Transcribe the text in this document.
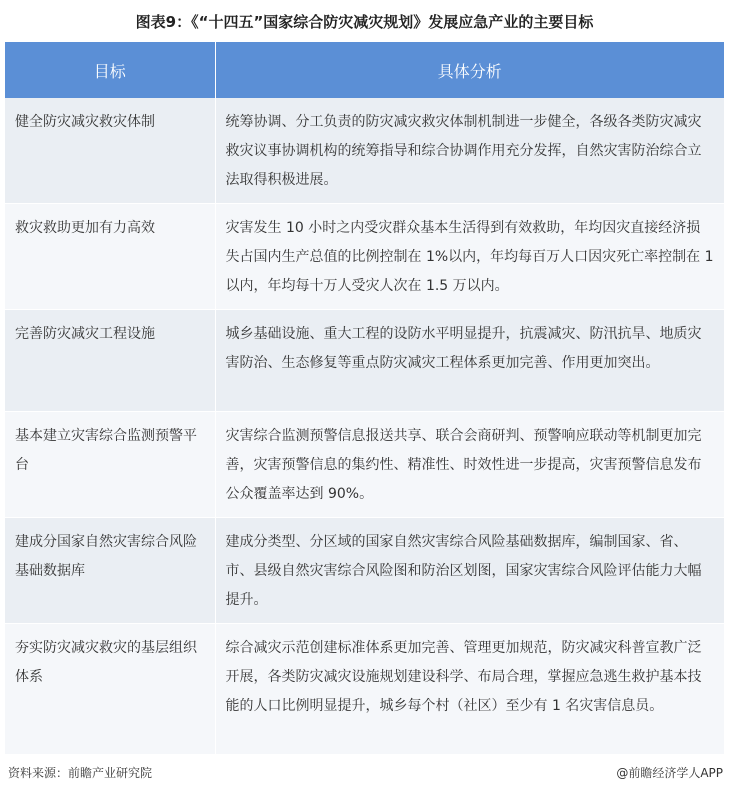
图表9：《“十四五”国家综合防灾减灾规划》发展应急产业的主要目标
目标	具体分析
健全防灾减灾救灾体制	统筹协调、分工负责的防灾减灾救灾体制机制进一步健全，各级各类防灾减灾救灾议事协调机构的统筹指导和综合协调作用充分发挥，自然灾害防治综合立法取得积极进展。
救灾救助更加有力高效	灾害发生 10 小时之内受灾群众基本生活得到有效救助，年均因灾直接经济损失占国内生产总值的比例控制在 1%以内，年均每百万人口因灾死亡率控制在 1 以内，年均每十万人受灾人次在 1.5 万以内。
完善防灾减灾工程设施	城乡基础设施、重大工程的设防水平明显提升，抗震减灾、防汛抗旱、地质灾害防治、生态修复等重点防灾减灾工程体系更加完善、作用更加突出。
基本建立灾害综合监测预警平台	灾害综合监测预警信息报送共享、联合会商研判、预警响应联动等机制更加完善，灾害预警信息的集约性、精准性、时效性进一步提高，灾害预警信息发布公众覆盖率达到 90%。
建成分国家自然灾害综合风险基础数据库	建成分类型、分区域的国家自然灾害综合风险基础数据库，编制国家、省、市、县级自然灾害综合风险图和防治区划图，国家灾害综合风险评估能力大幅提升。
夯实防灾减灾救灾的基层组织体系	综合减灾示范创建标准体系更加完善、管理更加规范，防灾减灾科普宣教广泛开展，各类防灾减灾设施规划建设科学、布局合理，掌握应急逃生救护基本技能的人口比例明显提升，城乡每个村（社区）至少有 1 名灾害信息员。
资料来源：前瞻产业研究院	@前瞻经济学人APP
